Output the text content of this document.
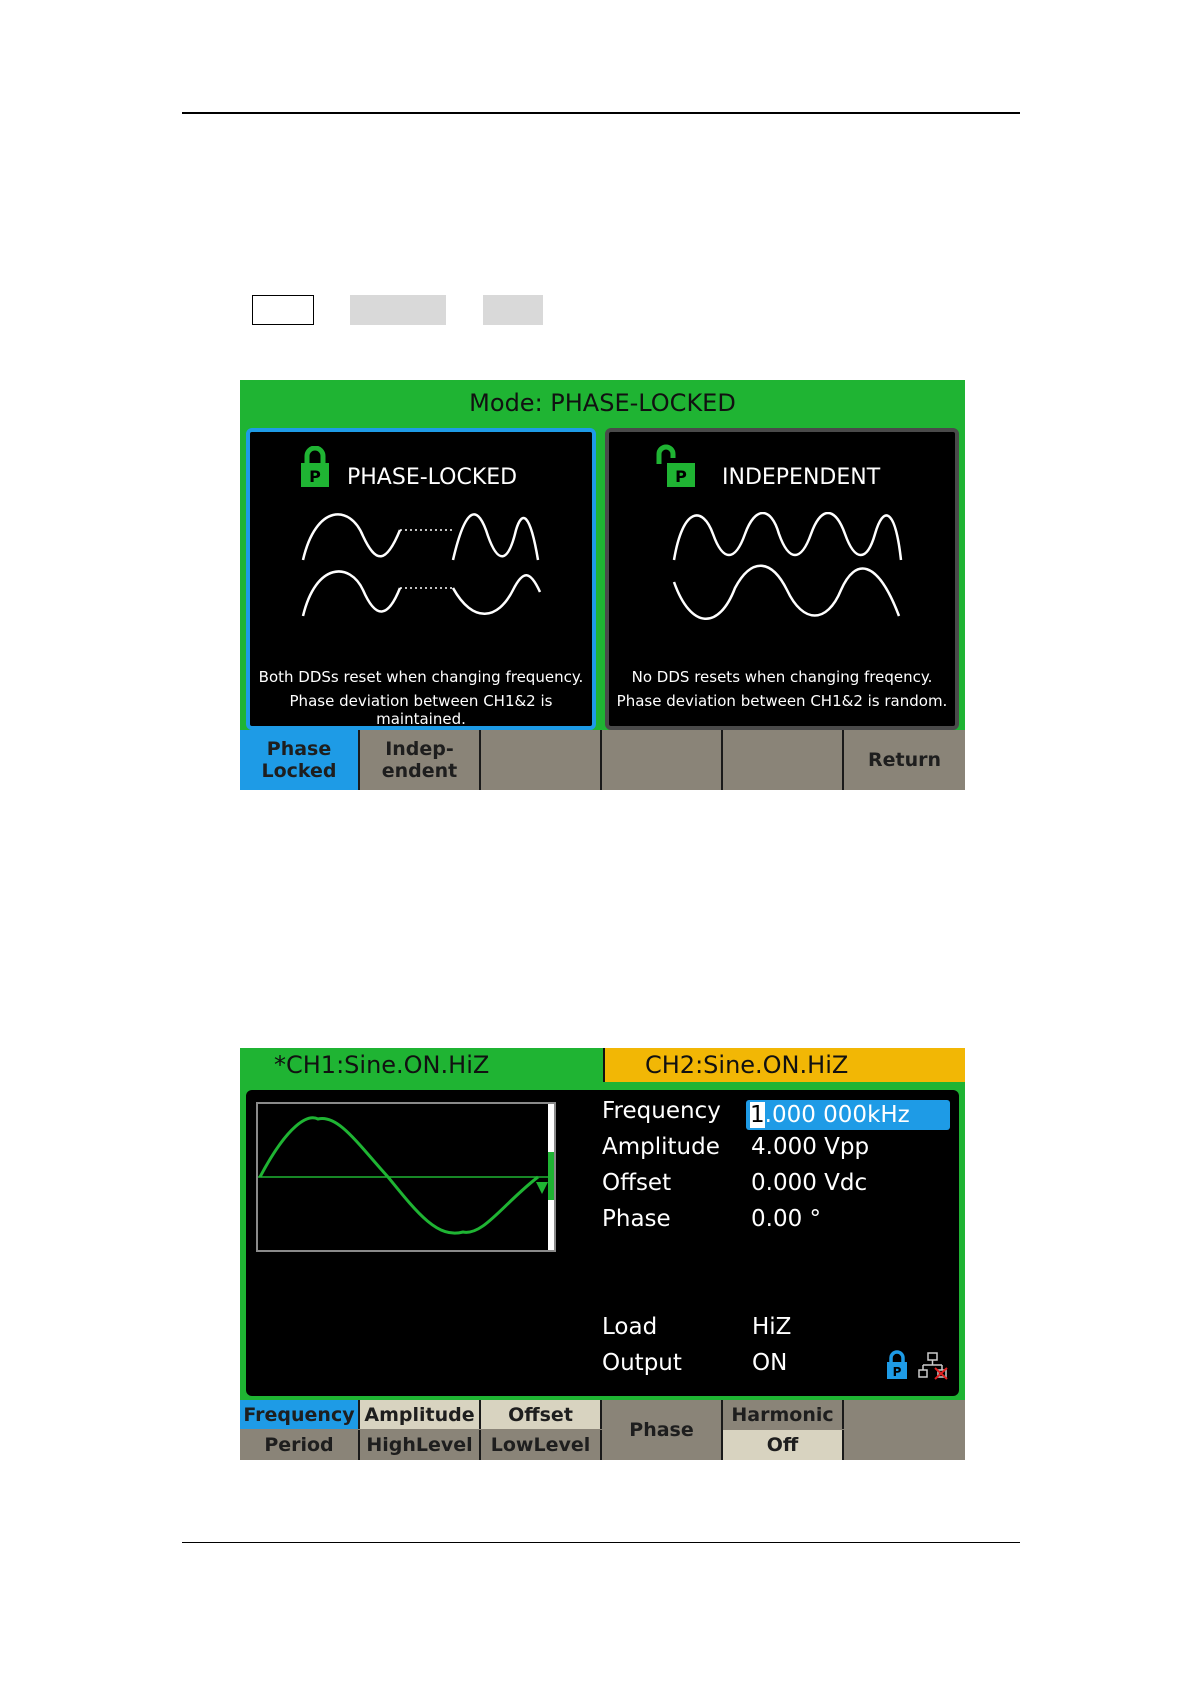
Mode: PHASE-LOCKED
P PHASE-LOCKED
Both DDSs reset when changing frequency.
Phase deviation between CH1&2 is maintained.
P INDEPENDENT
No DDS resets when changing freqency.
Phase deviation between CH1&2 is random.
Phase
Locked
Indep-
endent	Return
*CH1:Sine.ON.HiZ	CH2:Sine.ON.HiZ
Frequency 1.000 000kHz
Amplitude 4.000 Vpp
Offset	0.000 Vdc
Phase	0.00 °
Load	HiZ
Output	ON	P
Frequency
Period
Amplitude
HighLevel
Offset
LowLevel
Phase
Harmonic
Off
